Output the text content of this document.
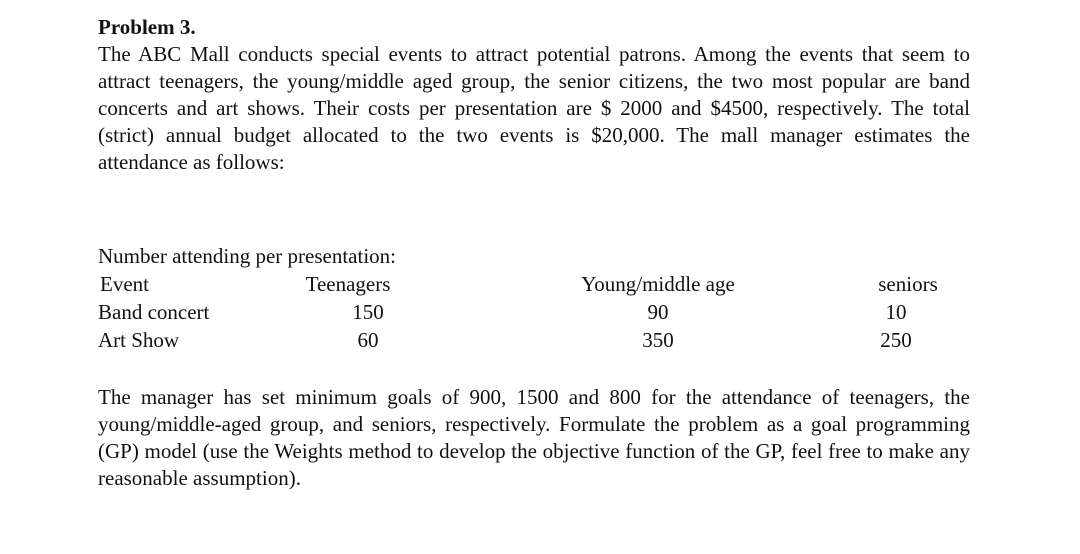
Problem 3.

The ABC Mall conducts special events to attract potential patrons. Among the events that seem to attract teenagers, the young/middle aged group, the senior citizens, the two most popular are band concerts and art shows. Their costs per presentation are $ 2000 and $4500, respectively. The total (strict) annual budget allocated to the two events is $20,000. The mall manager estimates the attendance as follows:

Number attending per presentation:

Event	Teenagers	Young/middle age	seniors
Band concert	150	90	10
Art Show	60	350	250

The manager has set minimum goals of 900, 1500 and 800 for the attendance of teenagers, the young/middle-aged group, and seniors, respectively. Formulate the problem as a goal programming (GP) model (use the Weights method to develop the objective function of the GP, feel free to make any reasonable assumption).
